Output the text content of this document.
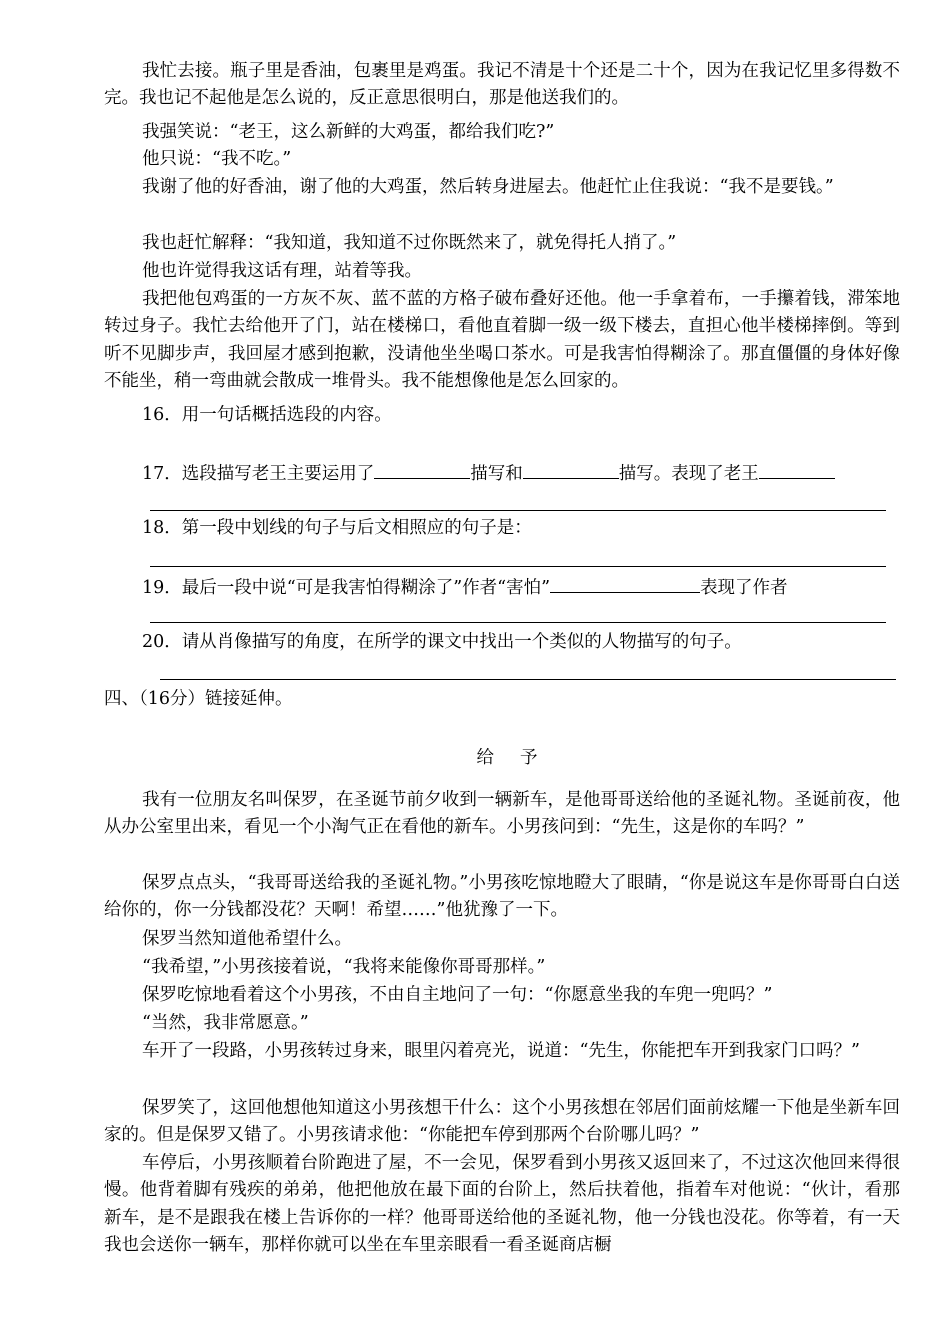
我忙去接。瓶子里是香油，包裹里是鸡蛋。我记不清是十个还是二十个，因为在我记忆里多得数不完。我也记不起他是怎么说的，反正意思很明白，那是他送我们的。

我强笑说：“老王，这么新鲜的大鸡蛋，都给我们吃?”

他只说：“我不吃。”

我谢了他的好香油，谢了他的大鸡蛋，然后转身进屋去。他赶忙止住我说：“我不是要钱。”

我也赶忙解释：“我知道，我知道不过你既然来了，就免得托人捎了。”

他也许觉得我这话有理，站着等我。

我把他包鸡蛋的一方灰不灰、蓝不蓝的方格子破布叠好还他。他一手拿着布，一手攥着钱，滞笨地转过身子。我忙去给他开了门，站在楼梯口，看他直着脚一级一级下楼去，直担心他半楼梯摔倒。等到听不见脚步声，我回屋才感到抱歉，没请他坐坐喝口茶水。可是我害怕得糊涂了。那直僵僵的身体好像不能坐，稍一弯曲就会散成一堆骨头。我不能想像他是怎么回家的。

16．用一句话概括选段的内容。

17．选段描写老王主要运用了	描写和	描写。表现了老王

18．第一段中划线的句子与后文相照应的句子是：

19．最后一段中说“可是我害怕得糊涂了”作者“害怕”	表现了作者

20．请从肖像描写的角度，在所学的课文中找出一个类似的人物描写的句子。

四、（16分）链接延伸。

给予

我有一位朋友名叫保罗，在圣诞节前夕收到一辆新车，是他哥哥送给他的圣诞礼物。圣诞前夜，他从办公室里出来，看见一个小淘气正在看他的新车。小男孩问到：“先生，这是你的车吗？”

保罗点点头，“我哥哥送给我的圣诞礼物。”小男孩吃惊地瞪大了眼睛，“你是说这车是你哥哥白白送给你的，你一分钱都没花？天啊！希望……”他犹豫了一下。

保罗当然知道他希望什么。

“我希望，”小男孩接着说，“我将来能像你哥哥那样。”

保罗吃惊地看着这个小男孩，不由自主地问了一句：“你愿意坐我的车兜一兜吗？”

“当然，我非常愿意。”

车开了一段路，小男孩转过身来，眼里闪着亮光，说道：“先生，你能把车开到我家门口吗？”

保罗笑了，这回他想他知道这小男孩想干什么：这个小男孩想在邻居们面前炫耀一下他是坐新车回家的。但是保罗又错了。小男孩请求他：“你能把车停到那两个台阶哪儿吗？”

车停后，小男孩顺着台阶跑进了屋，不一会见，保罗看到小男孩又返回来了，不过这次他回来得很慢。他背着脚有残疾的弟弟，他把他放在最下面的台阶上，然后扶着他，指着车对他说：“伙计，看那新车，是不是跟我在楼上告诉你的一样？他哥哥送给他的圣诞礼物，他一分钱也没花。你等着，有一天我也会送你一辆车，那样你就可以坐在车里亲眼看一看圣诞商店橱
